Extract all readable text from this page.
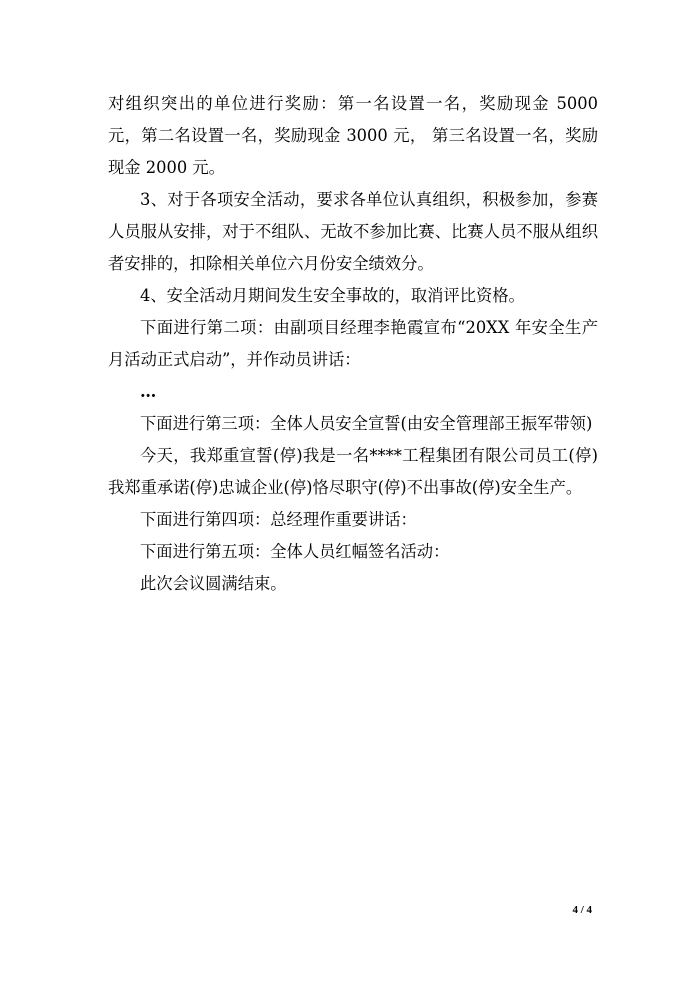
对组织突出的单位进行奖励：第一名设置一名，奖励现金 5000 元，第二名设置一名，奖励现金 3000 元， 第三名设置一名，奖励现金 2000 元。

3、对于各项安全活动，要求各单位认真组织，积极参加，参赛人员服从安排，对于不组队、无故不参加比赛、比赛人员不服从组织者安排的，扣除相关单位六月份安全绩效分。

4、安全活动月期间发生安全事故的，取消评比资格。

下面进行第二项：由副项目经理李艳霞宣布“20XX 年安全生产月活动正式启动”，并作动员讲话：

…

下面进行第三项：全体人员安全宣誓(由安全管理部王振军带领)

今天，我郑重宣誓(停)我是一名****工程集团有限公司员工(停)我郑重承诺(停)忠诚企业(停)恪尽职守(停)不出事故(停)安全生产。

下面进行第四项：总经理作重要讲话：

下面进行第五项：全体人员红幅签名活动：

此次会议圆满结束。

4 / 4
